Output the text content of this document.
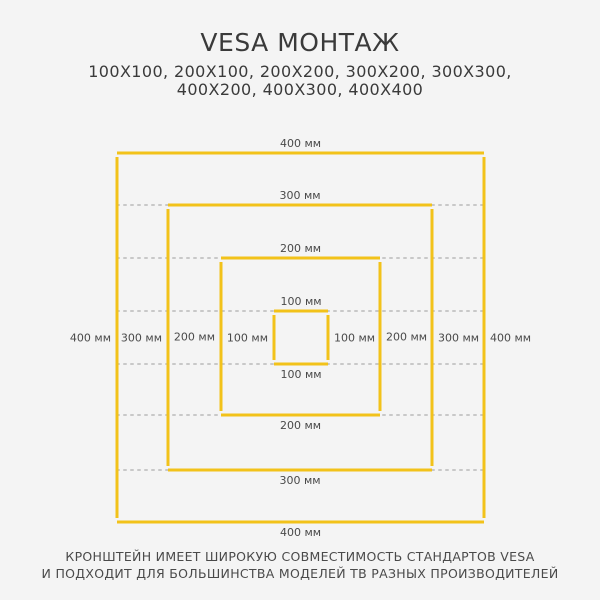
VESA МОНТАЖ
100X100, 200X100, 200X200, 300X200, 300X300,
400X200, 400X300, 400X400
400 мм
400 мм
400 мм	400 мм
300 мм
300 мм
300 мм	300 мм
200 мм
200 мм
200 мм	200 мм
100 мм
100 мм
100 мм	100 мм
КРОНШТЕЙН ИМЕЕТ ШИРОКУЮ СОВМЕСТИМОСТЬ СТАНДАРТОВ VESA
И ПОДХОДИТ ДЛЯ БОЛЬШИНСТВА МОДЕЛЕЙ ТВ РАЗНЫХ ПРОИЗВОДИТЕЛЕЙ
